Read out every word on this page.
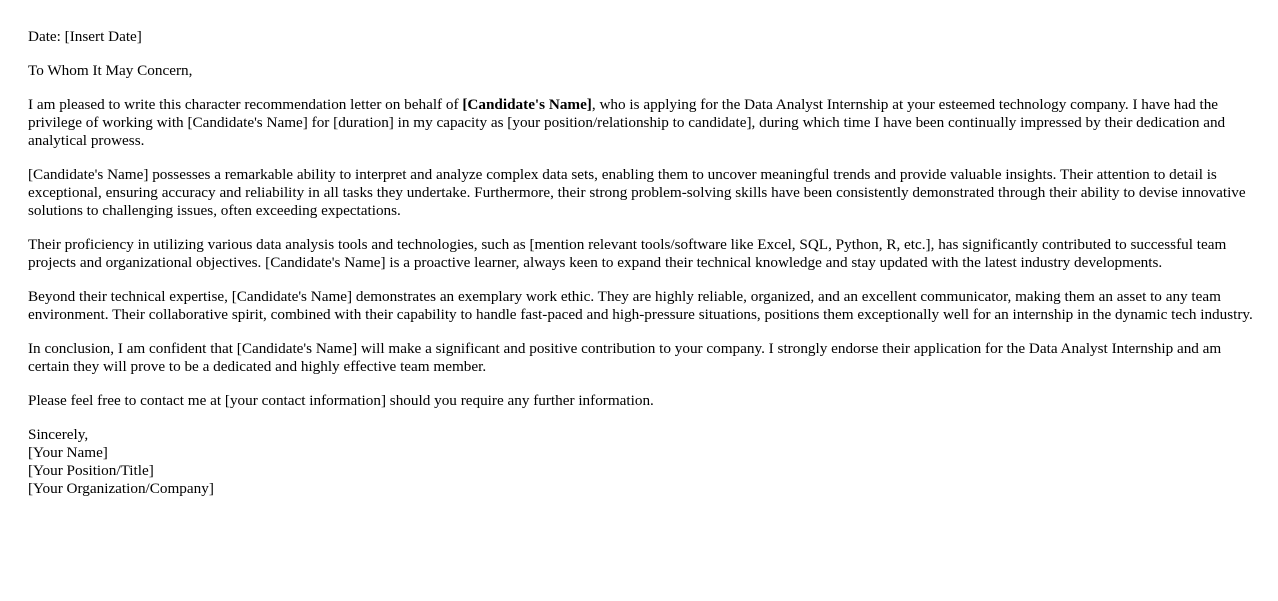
Date: [Insert Date]

To Whom It May Concern,

I am pleased to write this character recommendation letter on behalf of [Candidate's Name], who is applying for the Data Analyst Internship at your esteemed technology company. I have had the privilege of working with [Candidate's Name] for [duration] in my capacity as [your position/relationship to candidate], during which time I have been continually impressed by their dedication and analytical prowess.

[Candidate's Name] possesses a remarkable ability to interpret and analyze complex data sets, enabling them to uncover meaningful trends and provide valuable insights. Their attention to detail is exceptional, ensuring accuracy and reliability in all tasks they undertake. Furthermore, their strong problem-solving skills have been consistently demonstrated through their ability to devise innovative solutions to challenging issues, often exceeding expectations.

Their proficiency in utilizing various data analysis tools and technologies, such as [mention relevant tools/software like Excel, SQL, Python, R, etc.], has significantly contributed to successful team projects and organizational objectives. [Candidate's Name] is a proactive learner, always keen to expand their technical knowledge and stay updated with the latest industry developments.

Beyond their technical expertise, [Candidate's Name] demonstrates an exemplary work ethic. They are highly reliable, organized, and an excellent communicator, making them an asset to any team environment. Their collaborative spirit, combined with their capability to handle fast-paced and high-pressure situations, positions them exceptionally well for an internship in the dynamic tech industry.

In conclusion, I am confident that [Candidate's Name] will make a significant and positive contribution to your company. I strongly endorse their application for the Data Analyst Internship and am certain they will prove to be a dedicated and highly effective team member.

Please feel free to contact me at [your contact information] should you require any further information.

Sincerely,
[Your Name]
[Your Position/Title]
[Your Organization/Company]
